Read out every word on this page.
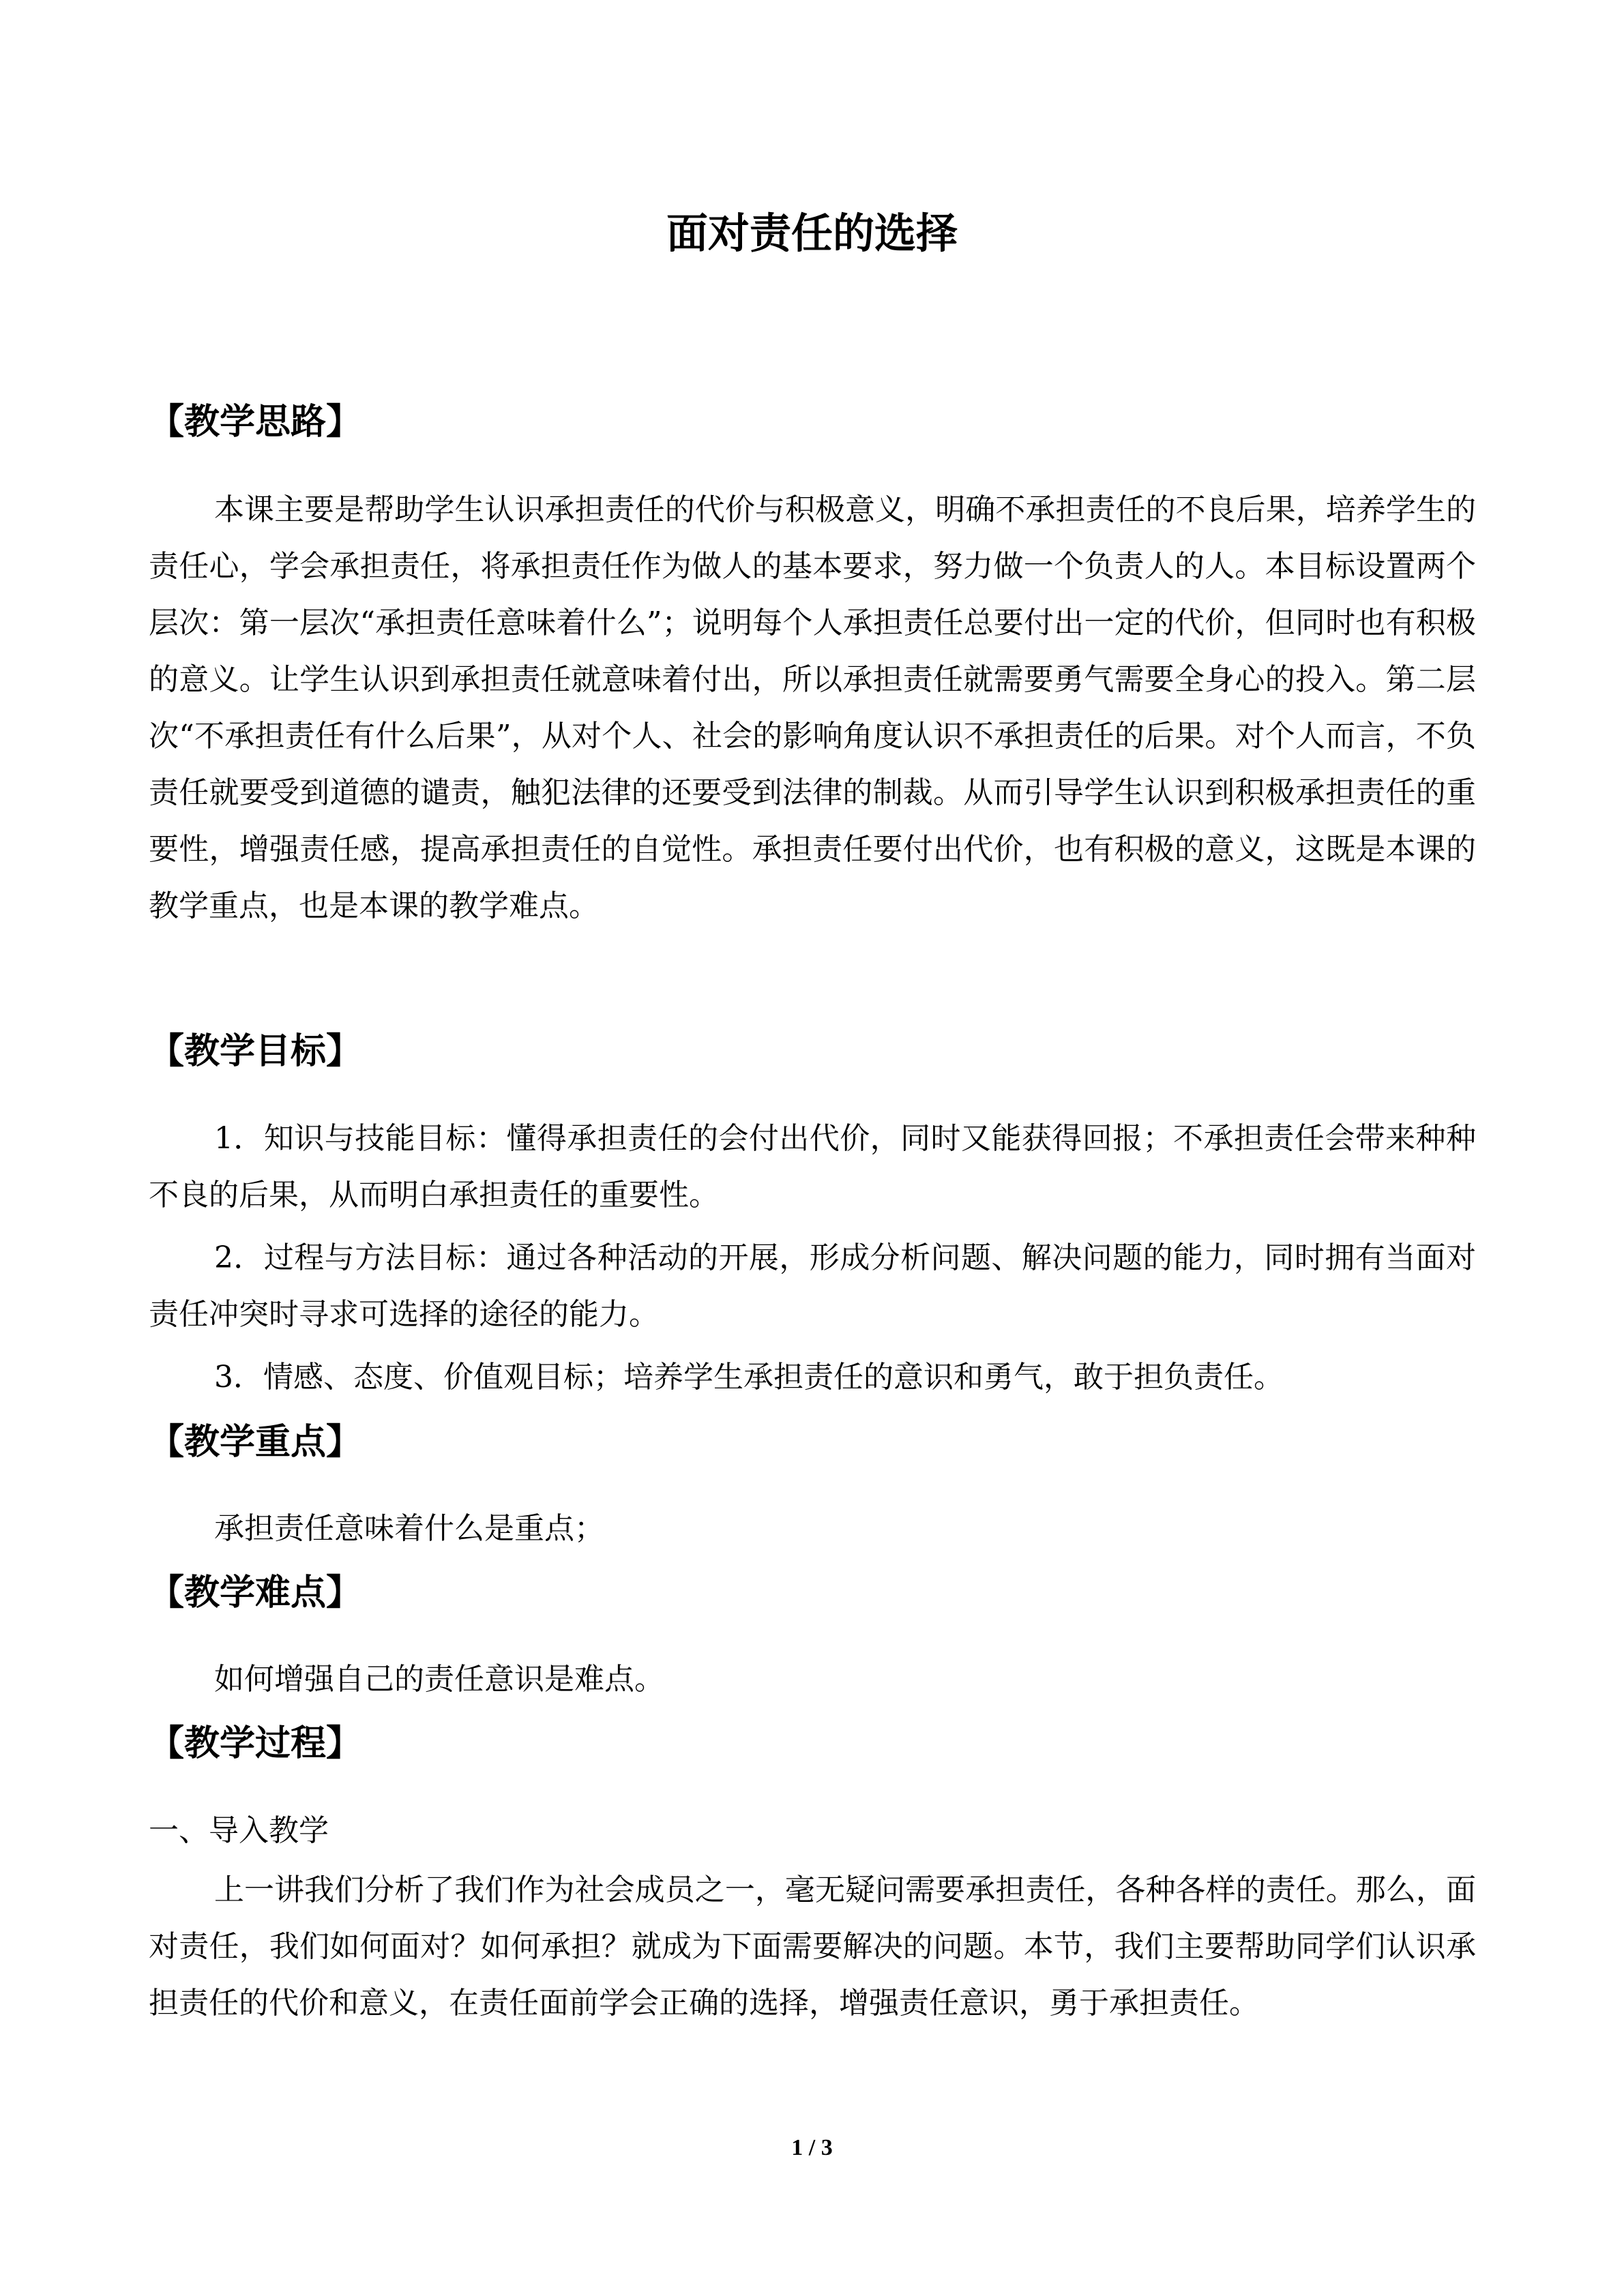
面对责任的选择
【教学思路】

本课主要是帮助学生认识承担责任的代价与积极意义，明确不承担责任的不良后果，培养学生的责任心，学会承担责任，将承担责任作为做人的基本要求，努力做一个负责人的人。本目标设置两个层次：第一层次“承担责任意味着什么”；说明每个人承担责任总要付出一定的代价，但同时也有积极的意义。让学生认识到承担责任就意味着付出，所以承担责任就需要勇气需要全身心的投入。第二层次“不承担责任有什么后果”，从对个人、社会的影响角度认识不承担责任的后果。对个人而言，不负责任就要受到道德的谴责，触犯法律的还要受到法律的制裁。从而引导学生认识到积极承担责任的重要性，增强责任感，提高承担责任的自觉性。承担责任要付出代价，也有积极的意义，这既是本课的教学重点，也是本课的教学难点。

【教学目标】

1．知识与技能目标：懂得承担责任的会付出代价，同时又能获得回报；不承担责任会带来种种不良的后果，从而明白承担责任的重要性。

2．过程与方法目标：通过各种活动的开展，形成分析问题、解决问题的能力，同时拥有当面对责任冲突时寻求可选择的途径的能力。

3．情感、态度、价值观目标；培养学生承担责任的意识和勇气，敢于担负责任。

【教学重点】

承担责任意味着什么是重点；

【教学难点】

如何增强自己的责任意识是难点。

【教学过程】

一、导入教学

上一讲我们分析了我们作为社会成员之一，毫无疑问需要承担责任，各种各样的责任。那么，面对责任，我们如何面对？如何承担？就成为下面需要解决的问题。本节，我们主要帮助同学们认识承担责任的代价和意义，在责任面前学会正确的选择，增强责任意识，勇于承担责任。

1 / 3
